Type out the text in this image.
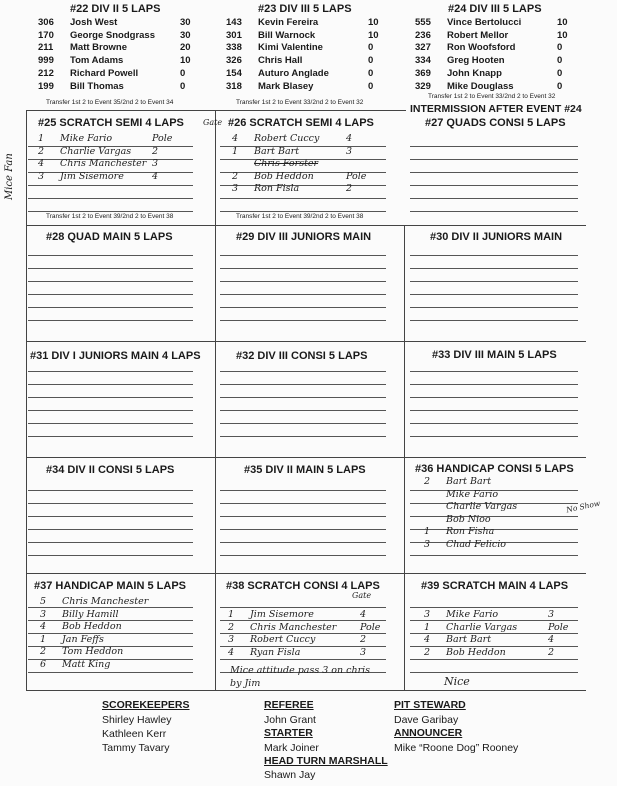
#22 DIV II 5 LAPS
306	Josh West	30
170	George Snodgrass	30
211	Matt Browne	20
999	Tom Adams	10
212	Richard Powell	0
199	Bill Thomas	0
Transfer 1st 2 to Event 35/2nd 2 to Event 34
#23 DIV III 5 LAPS
143	Kevin Fereira	10
301	Bill Warnock	10
338	Kimi Valentine	0
326	Chris Hall	0
154	Auturo Anglade	0
318	Mark Blasey	0
Transfer 1st 2 to Event 33/2nd 2 to Event 32
#24 DIV III 5 LAPS
555	Vince Bertolucci	10
236	Robert Mellor	10
327	Ron Woofsford	0
334	Greg Hooten	0
369	John Knapp	0
329	Mike Douglass	0
Transfer 1st 2 to Event 33/2nd 2 to Event 32
INTERMISSION AFTER EVENT #24
#25 SCRATCH SEMI 4 LAPS	#26 SCRATCH SEMI 4 LAPS	#27 QUADS CONSI 5 LAPS
#28 QUAD MAIN 5 LAPS	#29 DIV III JUNIORS MAIN	#30 DIV II JUNIORS MAIN
#31 DIV I JUNIORS MAIN 4 LAPS	#32 DIV III CONSI 5 LAPS	#33 DIV III MAIN 5 LAPS
#34 DIV II CONSI 5 LAPS	#35 DIV II MAIN 5 LAPS	#36 HANDICAP CONSI 5 LAPS
#37 HANDICAP MAIN 5 LAPS	#38 SCRATCH CONSI 4 LAPS	#39 SCRATCH MAIN 4 LAPS
Transfer 1st 2 to Event 39/2nd 2 to Event 38	Transfer 1st 2 to Event 39/2nd 2 to Event 38
Gate
1	Mike Fario	Pole
2	Charlie Vargas	2
4	Chris Manchester 3
3	Jim Sisemore	4
4	Robert Cuccy	4
1	Bart Bart	3
Chris Forster
2	Bob Heddon	Pole
3	Ron Fisla	2
2	Bart Bart
Mike Fario
Charlie Vargas
Bob Nioo
1	Ron Fisha
3	Chad Felicio
No Show
5	Chris Manchester
3	Billy Hamill
4	Bob Heddon
1	Jan Feffs
2	Tom Heddon
6	Matt King
Gate
1	Jim Sisemore	4
2	Chris Manchester	Pole
3	Robert Cuccy	2
4	Ryan Fisla	3
Mice attitude pass 3 on chris by Jim
3	Mike Fario	3
1	Charlie Vargas	Pole
4	Bart Bart	4
2	Bob Heddon	2
Nice
Mice Fan
SCOREKEEPERS
Shirley Hawley
Kathleen Kerr
Tammy Tavary
REFEREE
John Grant
STARTER
Mark Joiner
HEAD TURN MARSHALL
Shawn Jay
PIT STEWARD
Dave Garibay
ANNOUNCER
Mike “Roone Dog” Rooney
